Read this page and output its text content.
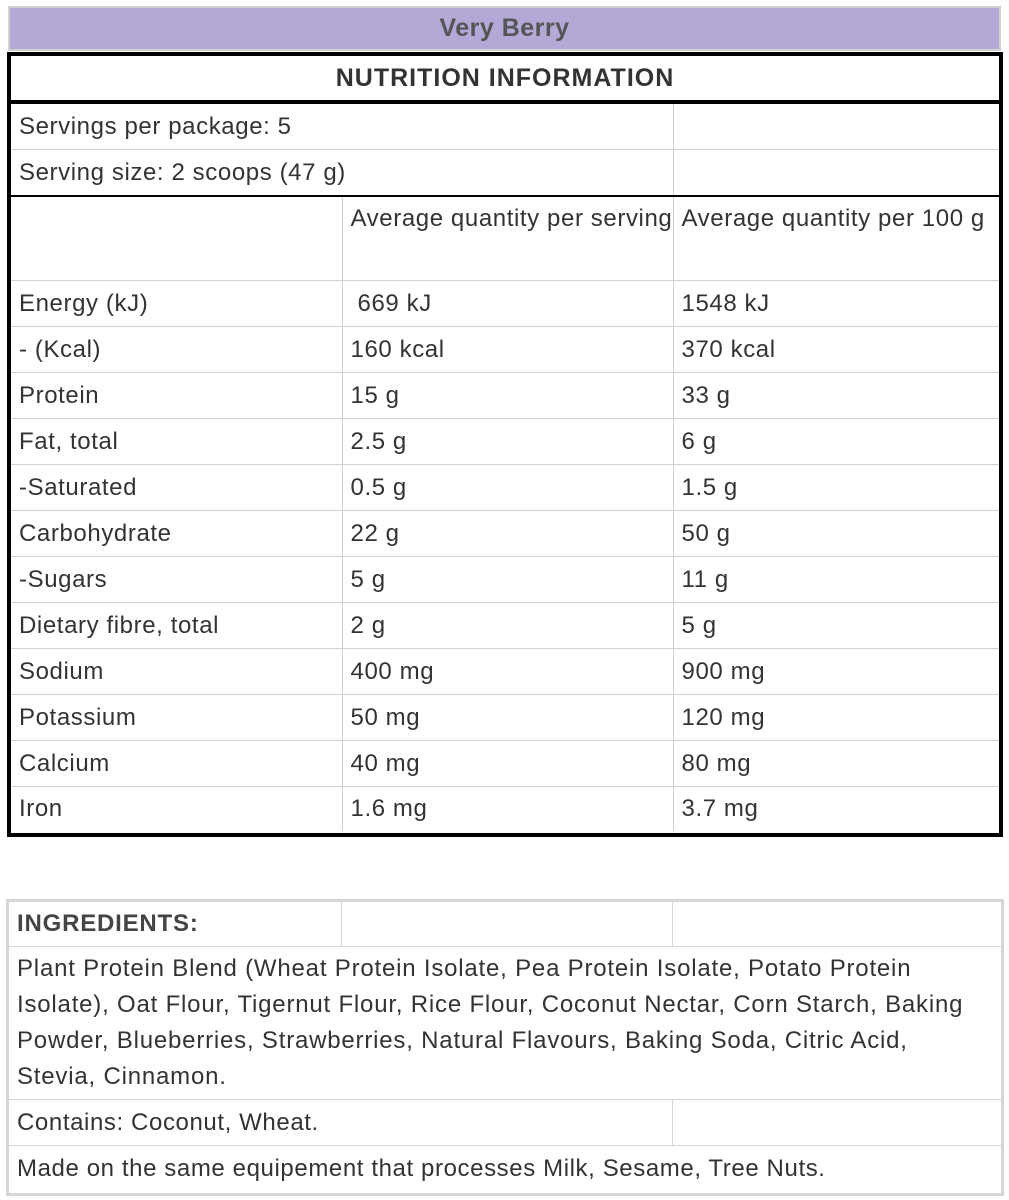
Very Berry
NUTRITION INFORMATION
Servings per package: 5		
Serving size: 2 scoops (47 g)		
	Average quantity per serving	Average quantity per 100 g
Energy (kJ)	669 kJ	1548 kJ
- (Kcal)	160 kcal	370 kcal
Protein	15 g	33 g
Fat, total	2.5 g	6 g
-Saturated	0.5 g	1.5 g
Carbohydrate	22 g	50 g
-Sugars	5 g	11 g
Dietary fibre, total	2 g	5 g
Sodium	400 mg	900 mg
Potassium	50 mg	120 mg
Calcium	40 mg	80 mg
Iron	1.6 mg	3.7 mg
INGREDIENTS:		
Plant Protein Blend (Wheat Protein Isolate, Pea Protein Isolate, Potato Protein Isolate), Oat Flour, Tigernut Flour, Rice Flour, Coconut Nectar, Corn Starch, Baking Powder, Blueberries, Strawberries, Natural Flavours, Baking Soda, Citric Acid, Stevia, Cinnamon.		
Contains: Coconut, Wheat.		
Made on the same equipement that processes Milk, Sesame, Tree Nuts.		
